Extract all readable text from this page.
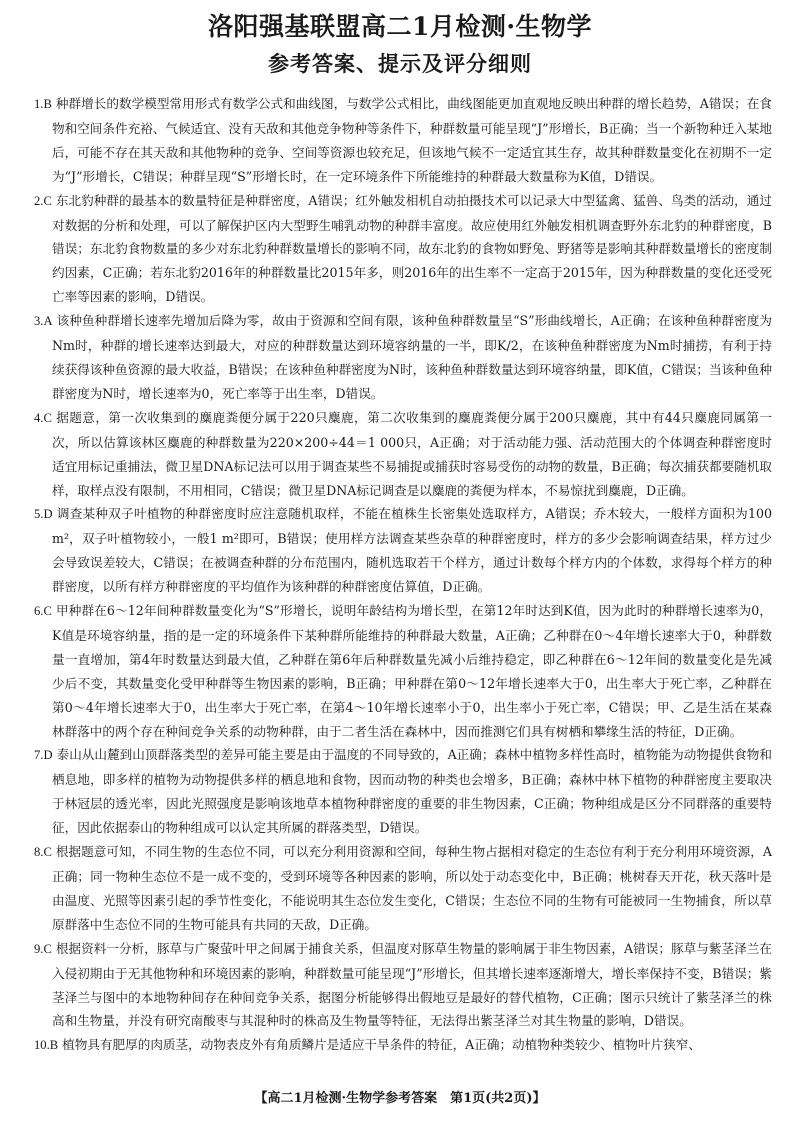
洛阳强基联盟高二1月检测·生物学
参考答案、提示及评分细则

1.B 种群增长的数学模型常用形式有数学公式和曲线图，与数学公式相比，曲线图能更加直观地反映出种群的增长趋势，A错误；在食物和空间条件充裕、气候适宜、没有天敌和其他竞争物种等条件下，种群数量可能呈现“J”形增长，B正确；当一个新物种迁入某地后，可能不存在其天敌和其他物种的竞争、空间等资源也较充足，但该地气候不一定适宜其生存，故其种群数量变化在初期不一定为“J”形增长，C错误；种群呈现“S”形增长时，在一定环境条件下所能维持的种群最大数量称为K值，D错误。

2.C 东北豹种群的最基本的数量特征是种群密度，A错误；红外触发相机自动拍摄技术可以记录大中型猛禽、猛兽、鸟类的活动，通过对数据的分析和处理，可以了解保护区内大型野生哺乳动物的种群丰富度。故应使用红外触发相机调查野外东北豹的种群密度，B错误；东北豹食物数量的多少对东北豹种群数量增长的影响不同，故东北豹的食物如野兔、野猪等是影响其种群数量增长的密度制约因素，C正确；若东北豹2016年的种群数量比2015年多，则2016年的出生率不一定高于2015年，因为种群数量的变化还受死亡率等因素的影响，D错误。

3.A 该种鱼种群增长速率先增加后降为零，故由于资源和空间有限，该种鱼种群数量呈“S”形曲线增长，A正确；在该种鱼种群密度为Nm时，种群的增长速率达到最大，对应的种群数量达到环境容纳量的一半，即K/2，在该种鱼种群密度为Nm时捕捞，有利于持续获得该种鱼资源的最大收益，B错误；在该种鱼种群密度为N时，该种鱼种群数量达到环境容纳量，即K值，C错误；当该种鱼种群密度为N时，增长速率为0，死亡率等于出生率，D错误。

4.C 据题意，第一次收集到的麋鹿粪便分属于220只麋鹿，第二次收集到的麋鹿粪便分属于200只麋鹿，其中有44只麋鹿同属第一次，所以估算该林区麋鹿的种群数量为220×200÷44＝1 000只，A正确；对于活动能力强、活动范围大的个体调查种群密度时适宜用标记重捕法，微卫星DNA标记法可以用于调查某些不易捕捉或捕获时容易受伤的动物的数量，B正确；每次捕获都要随机取样，取样点没有限制，不用相同，C错误；微卫星DNA标记调查是以麋鹿的粪便为样本，不易惊扰到麋鹿，D正确。

5.D 调查某种双子叶植物的种群密度时应注意随机取样，不能在植株生长密集处选取样方，A错误；乔木较大，一般样方面积为100 m²，双子叶植物较小，一般1 m²即可，B错误；使用样方法调查某些杂草的种群密度时，样方的多少会影响调查结果，样方过少会导致误差较大，C错误；在被调查种群的分布范围内，随机选取若干个样方，通过计数每个样方内的个体数，求得每个样方的种群密度，以所有样方种群密度的平均值作为该种群的种群密度估算值，D正确。

6.C 甲种群在6～12年间种群数量变化为“S”形增长，说明年龄结构为增长型，在第12年时达到K值，因为此时的种群增长速率为0，K值是环境容纳量，指的是一定的环境条件下某种群所能维持的种群最大数量，A正确；乙种群在0～4年增长速率大于0，种群数量一直增加，第4年时数量达到最大值，乙种群在第6年后种群数量先减小后维持稳定，即乙种群在6～12年间的数量变化是先减少后不变，其数量变化受甲种群等生物因素的影响，B正确；甲种群在第0～12年增长速率大于0，出生率大于死亡率，乙种群在第0～4年增长速率大于0，出生率大于死亡率，在第4～10年增长速率小于0，出生率小于死亡率，C错误；甲、乙是生活在某森林群落中的两个存在种间竞争关系的动物种群，由于二者生活在森林中，因而推测它们具有树栖和攀缘生活的特征，D正确。

7.D 泰山从山麓到山顶群落类型的差异可能主要是由于温度的不同导致的，A正确；森林中植物多样性高时，植物能为动物提供食物和栖息地，即多样的植物为动物提供多样的栖息地和食物，因而动物的种类也会增多，B正确；森林中林下植物的种群密度主要取决于林冠层的透光率，因此光照强度是影响该地草本植物种群密度的重要的非生物因素，C正确；物种组成是区分不同群落的重要特征，因此依据泰山的物种组成可以认定其所属的群落类型，D错误。

8.C 根据题意可知，不同生物的生态位不同，可以充分利用资源和空间，每种生物占据相对稳定的生态位有利于充分利用环境资源，A正确；同一物种生态位不是一成不变的，受到环境等各种因素的影响，所以处于动态变化中，B正确；桃树春天开花，秋天落叶是由温度、光照等因素引起的季节性变化，不能说明其生态位发生变化，C错误；生态位不同的生物有可能被同一生物捕食，所以草原群落中生态位不同的生物可能具有共同的天敌，D正确。

9.C 根据资料一分析，豚草与广聚萤叶甲之间属于捕食关系，但温度对豚草生物量的影响属于非生物因素，A错误；豚草与紫茎泽兰在入侵初期由于无其他物种和环境因素的影响，种群数量可能呈现“J”形增长，但其增长速率逐渐增大，增长率保持不变，B错误；紫茎泽兰与图中的本地物种间存在种间竞争关系，据图分析能够得出假地豆是最好的替代植物，C正确；图示只统计了紫茎泽兰的株高和生物量，并没有研究南酸枣与其混种时的株高及生物量等特征，无法得出紫茎泽兰对其生物量的影响，D错误。

10.B 植物具有肥厚的肉质茎，动物表皮外有角质鳞片是适应干旱条件的特征，A正确；动植物种类较少、植物叶片狭窄、

【高二1月检测·生物学参考答案　第1页(共2页)】
